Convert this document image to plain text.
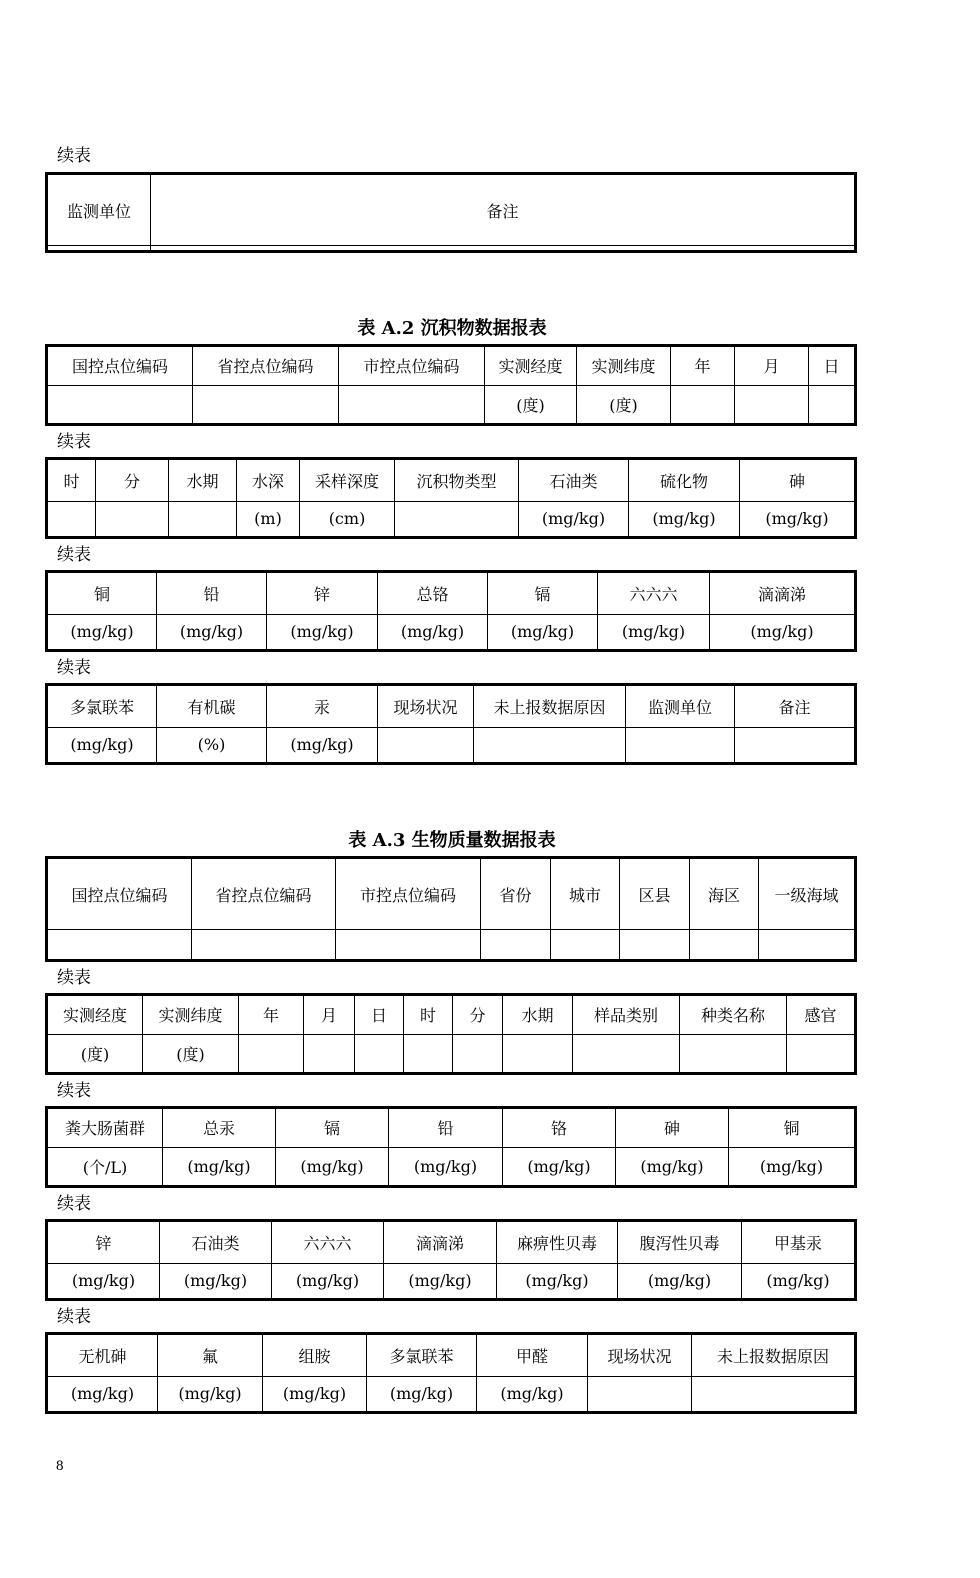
续表
监测单位	备注

表 A.2 沉积物数据报表
国控点位编码	省控点位编码	市控点位编码	实测经度	实测纬度	年	月	日
			(度)	(度)			
续表
时	分	水期	水深	采样深度	沉积物类型	石油类	硫化物	砷
			(m)	(cm)		(mg/kg)	(mg/kg)	(mg/kg)
续表
铜	铅	锌	总铬	镉	六六六	滴滴涕
(mg/kg)	(mg/kg)	(mg/kg)	(mg/kg)	(mg/kg)	(mg/kg)	(mg/kg)
续表
多氯联苯	有机碳	汞	现场状况	未上报数据原因	监测单位	备注
(mg/kg)	(%)	(mg/kg)				
表 A.3 生物质量数据报表
国控点位编码	省控点位编码	市控点位编码	省份	城市	区县	海区	一级海域

续表
实测经度	实测纬度	年	月	日	时	分	水期	样品类别	种类名称	感官
(度)	(度)									
续表
粪大肠菌群	总汞	镉	铅	铬	砷	铜
(个/L)	(mg/kg)	(mg/kg)	(mg/kg)	(mg/kg)	(mg/kg)	(mg/kg)
续表
锌	石油类	六六六	滴滴涕	麻痹性贝毒	腹泻性贝毒	甲基汞
(mg/kg)	(mg/kg)	(mg/kg)	(mg/kg)	(mg/kg)	(mg/kg)	(mg/kg)
续表
无机砷	氟	组胺	多氯联苯	甲醛	现场状况	未上报数据原因
(mg/kg)	(mg/kg)	(mg/kg)	(mg/kg)	(mg/kg)		
8
